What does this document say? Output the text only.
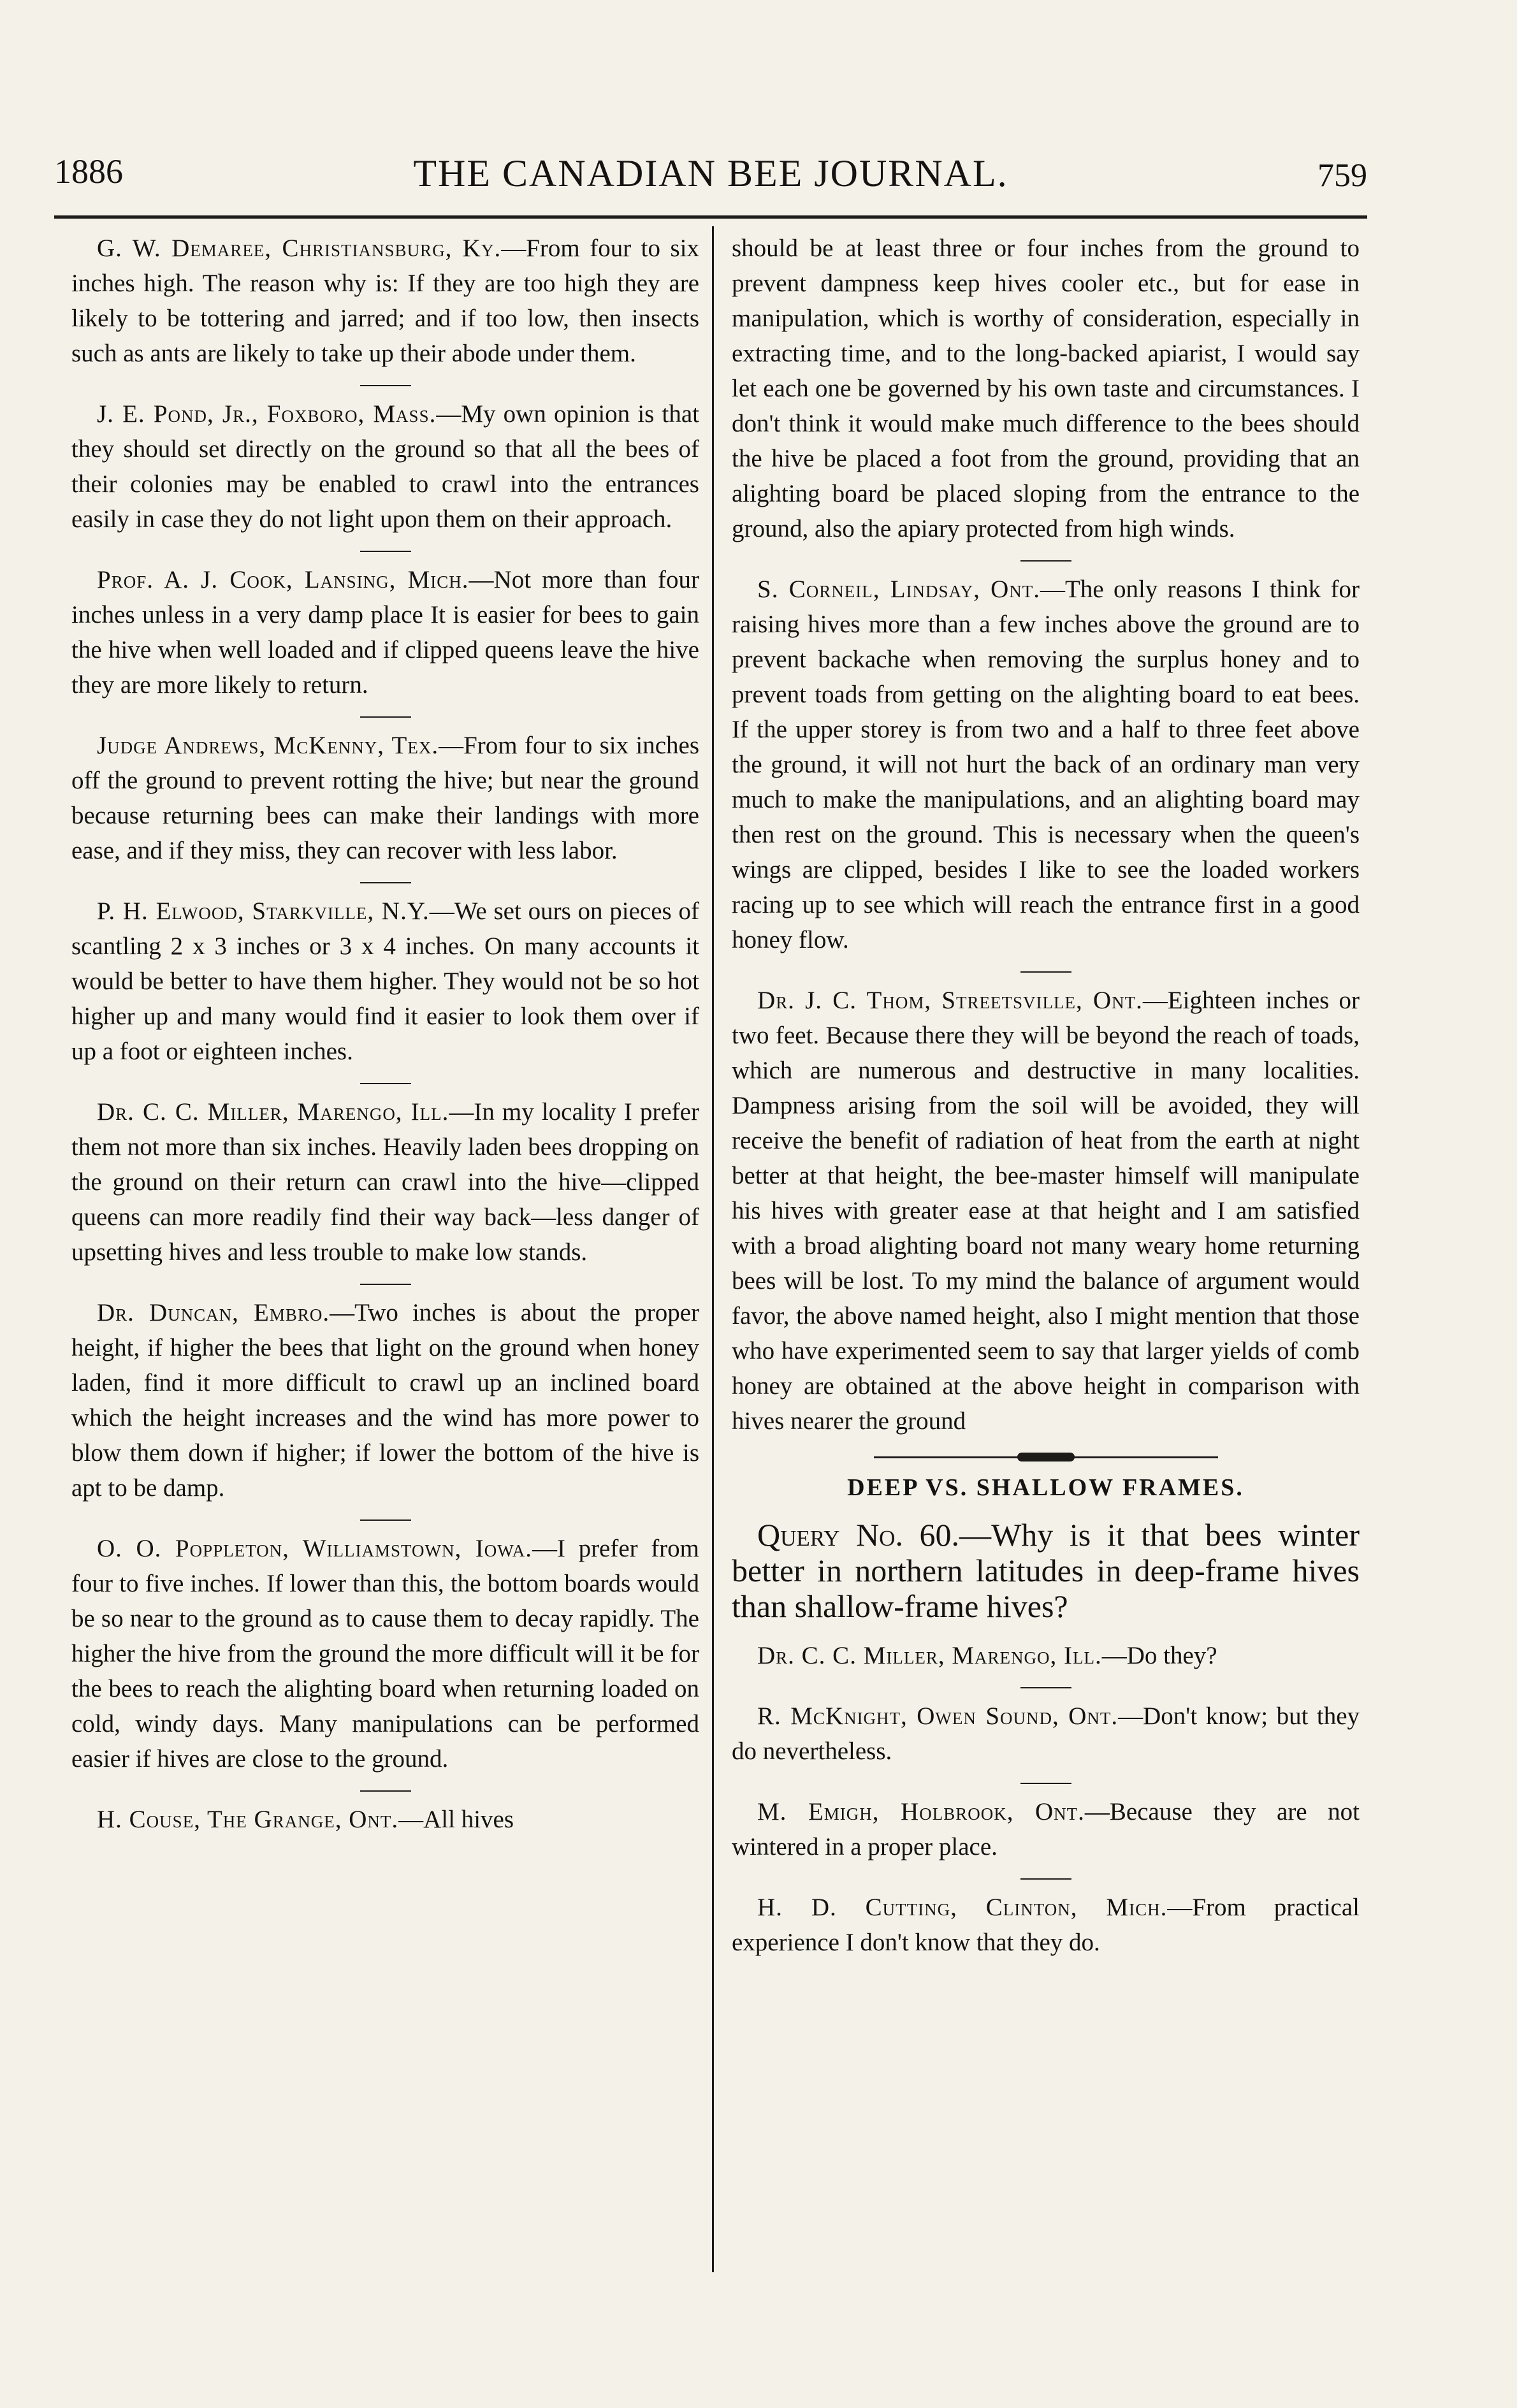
1886	THE CANADIAN BEE JOURNAL.	759

G. W. Demaree, Christiansburg, Ky.—From four to six inches high. The reason why is: If they are too high they are likely to be tottering and jarred; and if too low, then insects such as ants are likely to take up their abode under them.

J. E. Pond, Jr., Foxboro, Mass.—My own opinion is that they should set directly on the ground so that all the bees of their colonies may be enabled to crawl into the entrances easily in case they do not light upon them on their approach.

Prof. A. J. Cook, Lansing, Mich.—Not more than four inches unless in a very damp place It is easier for bees to gain the hive when well loaded and if clipped queens leave the hive they are more likely to return.

Judge Andrews, McKenny, Tex.—From four to six inches off the ground to prevent rotting the hive; but near the ground because returning bees can make their landings with more ease, and if they miss, they can recover with less labor.

P. H. Elwood, Starkville, N.Y.—We set ours on pieces of scantling 2 x 3 inches or 3 x 4 inches. On many accounts it would be better to have them higher. They would not be so hot higher up and many would find it easier to look them over if up a foot or eighteen inches.

Dr. C. C. Miller, Marengo, Ill.—In my locality I prefer them not more than six inches. Heavily laden bees dropping on the ground on their return can crawl into the hive—clipped queens can more readily find their way back—less danger of upsetting hives and less trouble to make low stands.

Dr. Duncan, Embro.—Two inches is about the proper height, if higher the bees that light on the ground when honey laden, find it more difficult to crawl up an inclined board which the height increases and the wind has more power to blow them down if higher; if lower the bottom of the hive is apt to be damp.

O. O. Poppleton, Williamstown, Iowa.—I prefer from four to five inches. If lower than this, the bottom boards would be so near to the ground as to cause them to decay rapidly. The higher the hive from the ground the more difficult will it be for the bees to reach the alighting board when returning loaded on cold, windy days. Many manipulations can be performed easier if hives are close to the ground.

H. Couse, The Grange, Ont.—All hives

should be at least three or four inches from the ground to prevent dampness keep hives cooler etc., but for ease in manipulation, which is worthy of consideration, especially in extracting time, and to the long-backed apiarist, I would say let each one be governed by his own taste and circumstances. I don't think it would make much difference to the bees should the hive be placed a foot from the ground, providing that an alighting board be placed sloping from the entrance to the ground, also the apiary protected from high winds.

S. Corneil, Lindsay, Ont.—The only reasons I think for raising hives more than a few inches above the ground are to prevent backache when removing the surplus honey and to prevent toads from getting on the alighting board to eat bees. If the upper storey is from two and a half to three feet above the ground, it will not hurt the back of an ordinary man very much to make the manipulations, and an alighting board may then rest on the ground. This is necessary when the queen's wings are clipped, besides I like to see the loaded workers racing up to see which will reach the entrance first in a good honey flow.

Dr. J. C. Thom, Streetsville, Ont.—Eighteen inches or two feet. Because there they will be beyond the reach of toads, which are numerous and destructive in many localities. Dampness arising from the soil will be avoided, they will receive the benefit of radiation of heat from the earth at night better at that height, the bee-master himself will manipulate his hives with greater ease at that height and I am satisfied with a broad alighting board not many weary home returning bees will be lost. To my mind the balance of argument would favor, the above named height, also I might mention that those who have experimented seem to say that larger yields of comb honey are obtained at the above height in comparison with hives nearer the ground

DEEP VS. SHALLOW FRAMES.

Query No. 60.—Why is it that bees winter better in northern latitudes in deep-frame hives than shallow-frame hives?

Dr. C. C. Miller, Marengo, Ill.—Do they?

R. McKnight, Owen Sound, Ont.—Don't know; but they do nevertheless.

M. Emigh, Holbrook, Ont.—Because they are not wintered in a proper place.

H. D. Cutting, Clinton, Mich.—From practical experience I don't know that they do.
